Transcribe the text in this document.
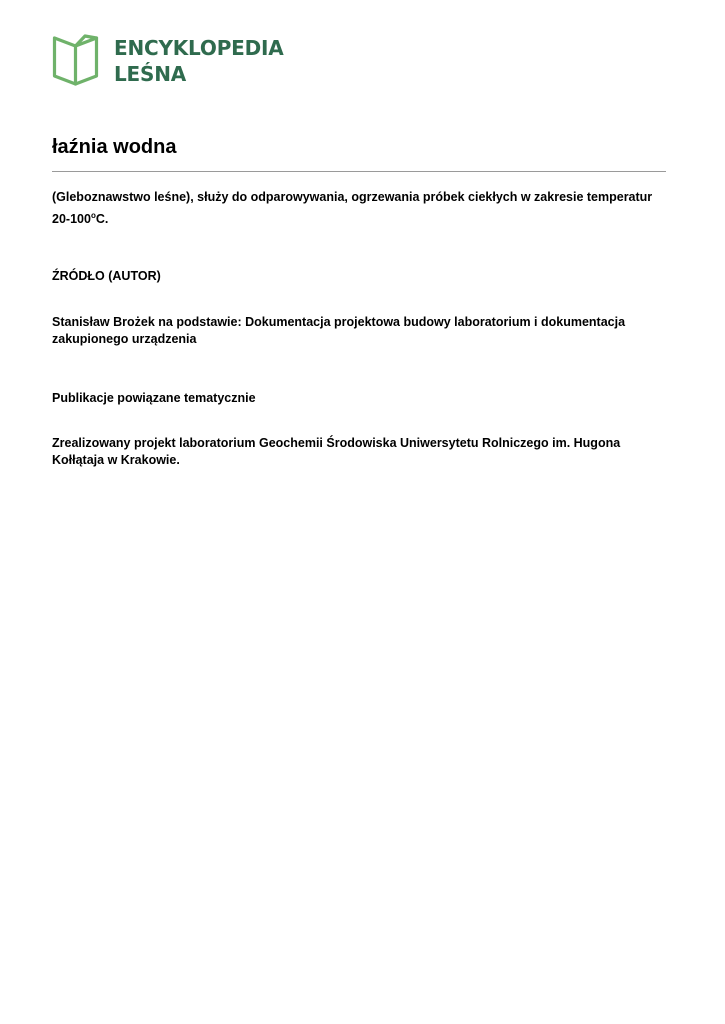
ENCYKLOPEDIA
LEŚNA
łaźnia wodna

(Gleboznawstwo leśne), służy do odparowywania, ogrzewania próbek ciekłych w zakresie temperatur 20-100$^o$C.

ŹRÓDŁO (AUTOR)

Stanisław Brożek na podstawie: Dokumentacja projektowa budowy laboratorium i dokumentacja zakupionego urządzenia

Publikacje powiązane tematycznie

Zrealizowany projekt laboratorium Geochemii Środowiska Uniwersytetu Rolniczego im. Hugona Kołłątaja w Krakowie.
